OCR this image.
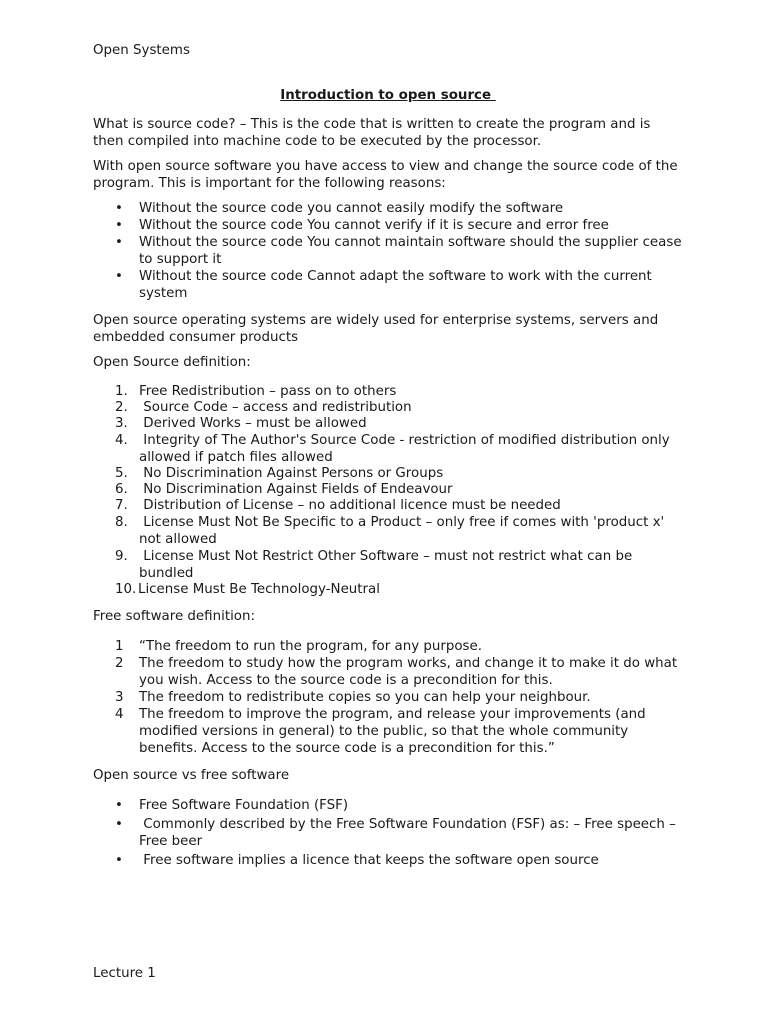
Open Systems
Introduction to open source

What is source code? – This is the code that is written to create the program and is then compiled into machine code to be executed by the processor.

With open source software you have access to view and change the source code of the program. This is important for the following reasons:

• Without the source code you cannot easily modify the software
• Without the source code You cannot verify if it is secure and error free
• Without the source code You cannot maintain software should the supplier cease to support it
• Without the source code Cannot adapt the software to work with the current system

Open source operating systems are widely used for enterprise systems, servers and embedded consumer products

Open Source definition:

1. Free Redistribution – pass on to others
2. Source Code – access and redistribution
3. Derived Works – must be allowed
4. Integrity of The Author's Source Code - restriction of modified distribution only allowed if patch files allowed
5. No Discrimination Against Persons or Groups
6. No Discrimination Against Fields of Endeavour
7. Distribution of License – no additional licence must be needed
8. License Must Not Be Specific to a Product – only free if comes with 'product x' not allowed
9. License Must Not Restrict Other Software – must not restrict what can be bundled
10. License Must Be Technology-Neutral

Free software definition:

1 “The freedom to run the program, for any purpose.
2 The freedom to study how the program works, and change it to make it do what you wish. Access to the source code is a precondition for this.
3 The freedom to redistribute copies so you can help your neighbour.
4 The freedom to improve the program, and release your improvements (and modified versions in general) to the public, so that the whole community benefits. Access to the source code is a precondition for this.”

Open source vs free software

• Free Software Foundation (FSF)
• Commonly described by the Free Software Foundation (FSF) as: – Free speech – Free beer
• Free software implies a licence that keeps the software open source
Lecture 1
